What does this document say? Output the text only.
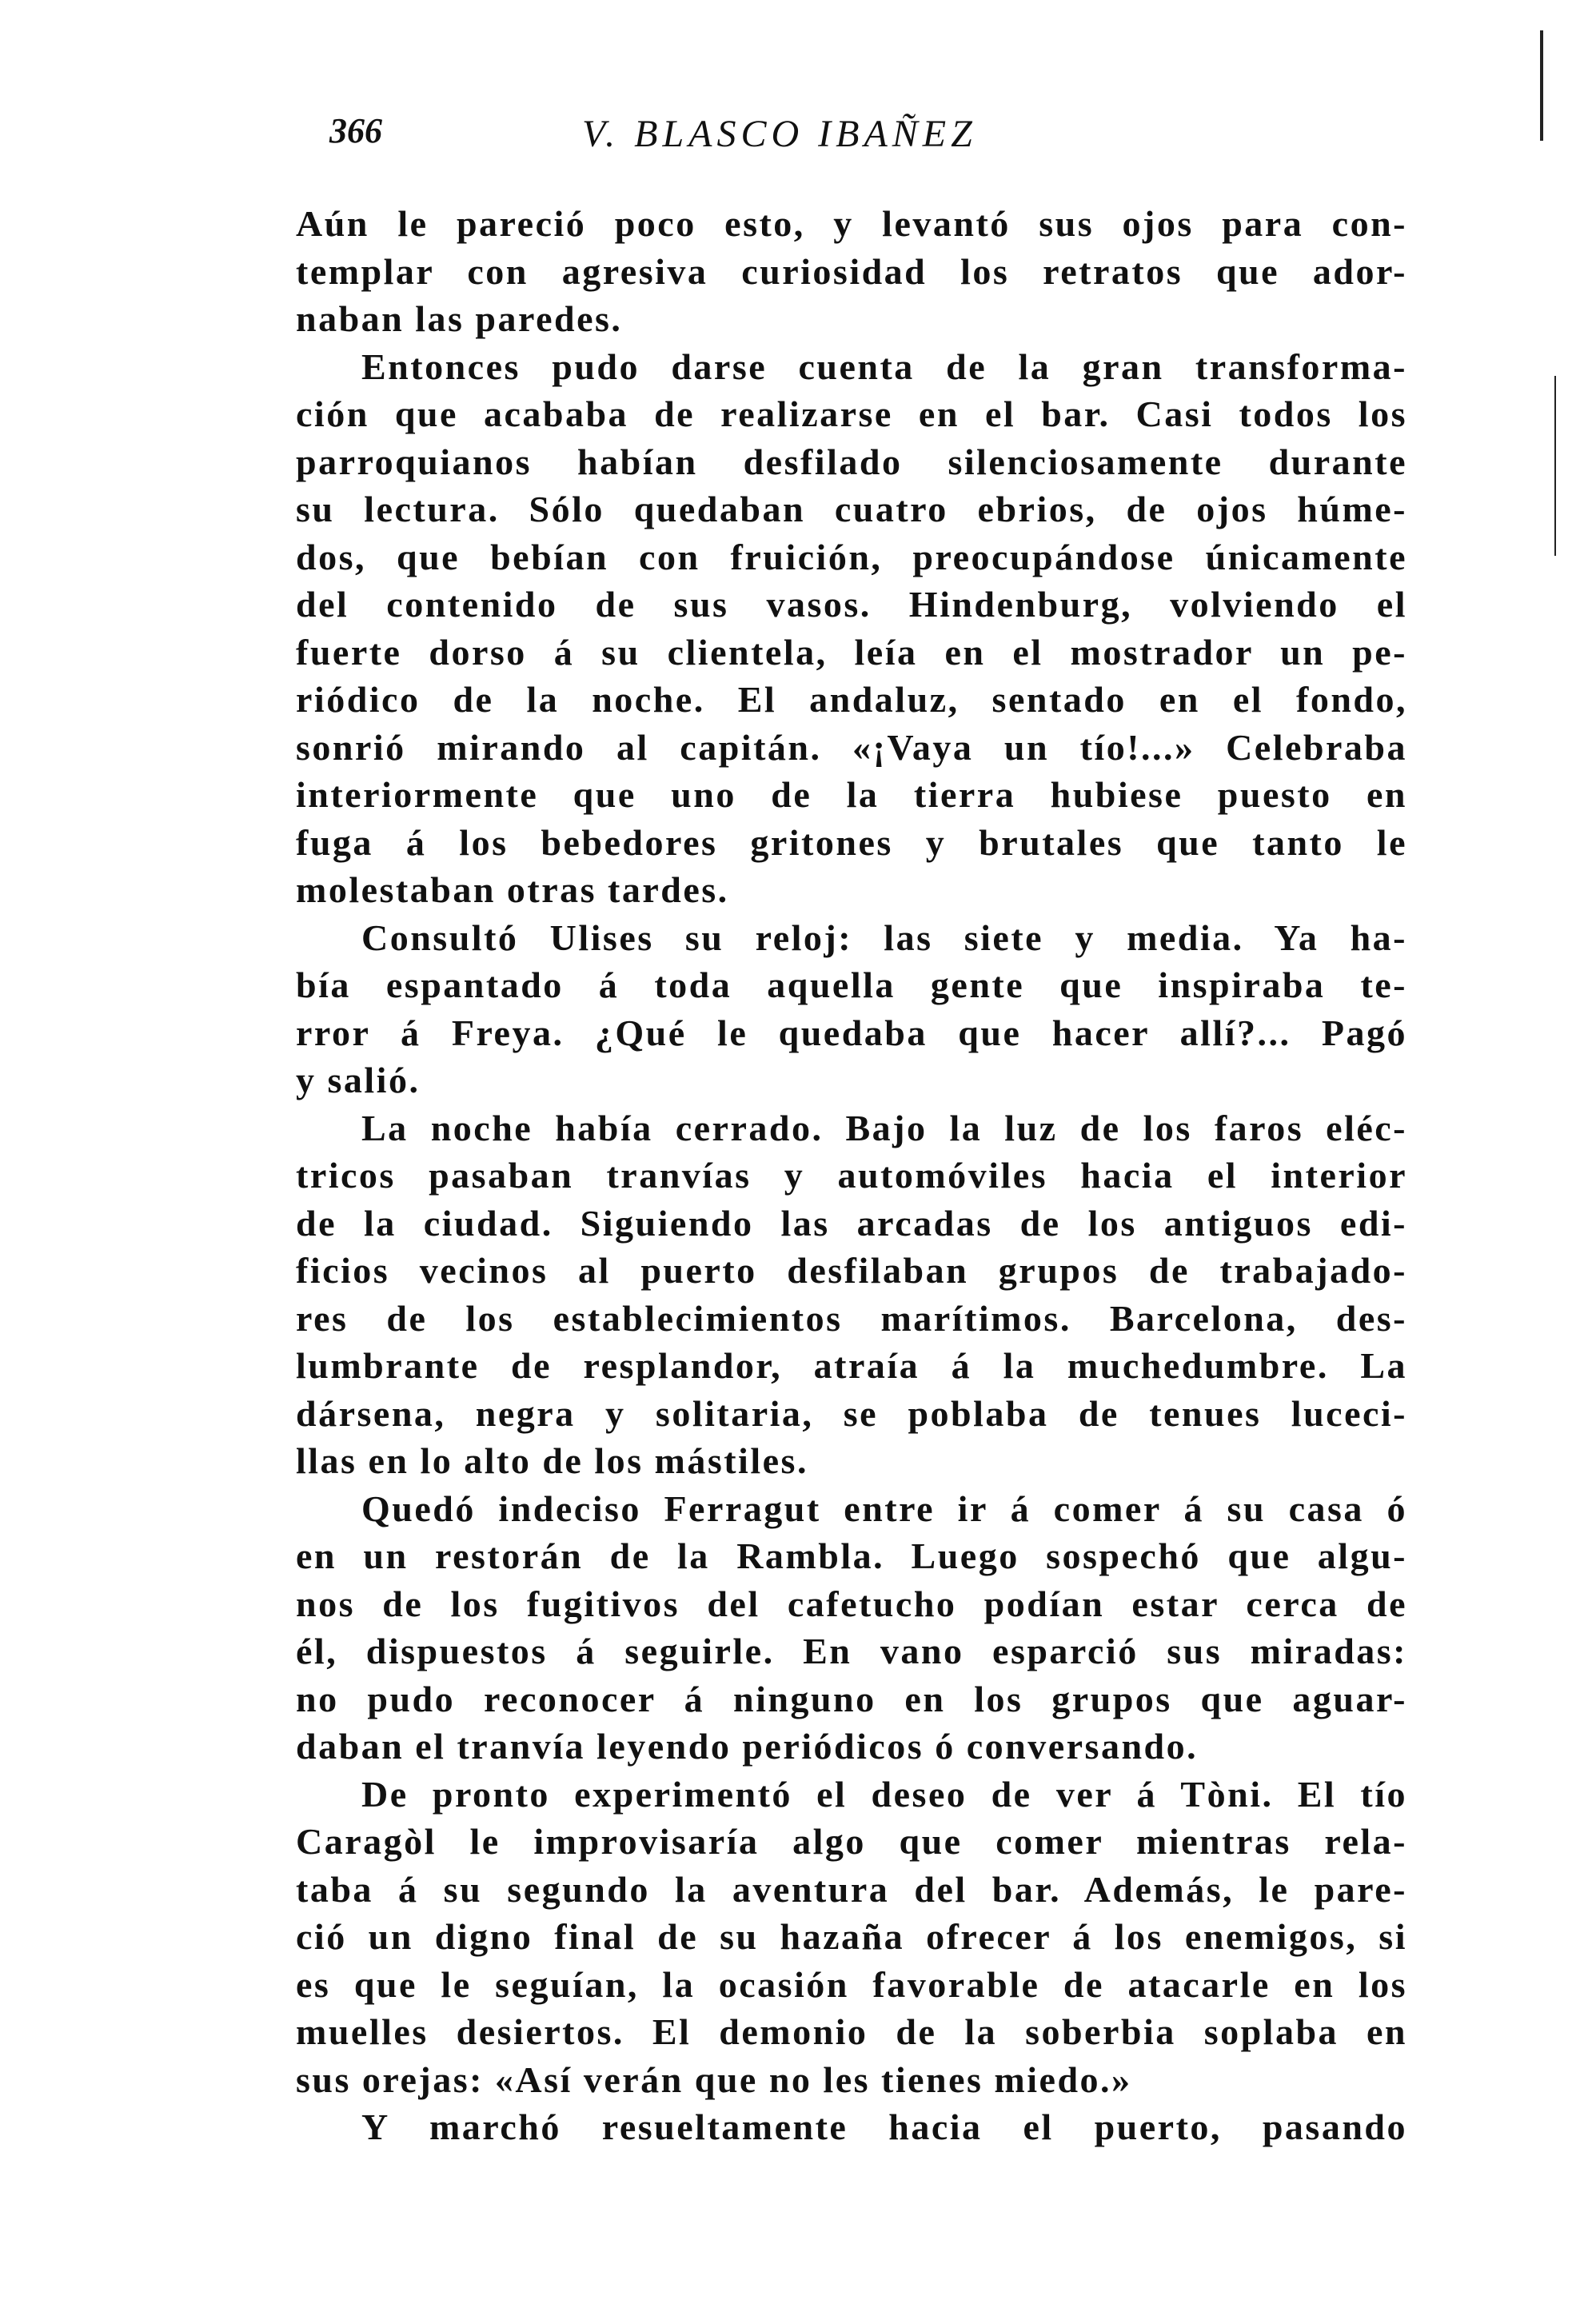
366	V. BLASCO IBAÑEZ
Aún le pareció poco esto, y levantó sus ojos para con-
templar con agresiva curiosidad los retratos que ador-
naban las paredes.
Entonces pudo darse cuenta de la gran transforma-
ción que acababa de realizarse en el bar. Casi todos los
parroquianos habían desfilado silenciosamente durante
su lectura. Sólo quedaban cuatro ebrios, de ojos húme-
dos, que bebían con fruición, preocupándose únicamente
del contenido de sus vasos. Hindenburg, volviendo el
fuerte dorso á su clientela, leía en el mostrador un pe-
riódico de la noche. El andaluz, sentado en el fondo,
sonrió mirando al capitán. «¡Vaya un tío!...» Celebraba
interiormente que uno de la tierra hubiese puesto en
fuga á los bebedores gritones y brutales que tanto le
molestaban otras tardes.
Consultó Ulises su reloj: las siete y media. Ya ha-
bía espantado á toda aquella gente que inspiraba te-
rror á Freya. ¿Qué le quedaba que hacer allí?... Pagó
y salió.
La noche había cerrado. Bajo la luz de los faros eléc-
tricos pasaban tranvías y automóviles hacia el interior
de la ciudad. Siguiendo las arcadas de los antiguos edi-
ficios vecinos al puerto desfilaban grupos de trabajado-
res de los establecimientos marítimos. Barcelona, des-
lumbrante de resplandor, atraía á la muchedumbre. La
dársena, negra y solitaria, se poblaba de tenues luceci-
llas en lo alto de los mástiles.
Quedó indeciso Ferragut entre ir á comer á su casa ó
en un restorán de la Rambla. Luego sospechó que algu-
nos de los fugitivos del cafetucho podían estar cerca de
él, dispuestos á seguirle. En vano esparció sus miradas:
no pudo reconocer á ninguno en los grupos que aguar-
daban el tranvía leyendo periódicos ó conversando.
De pronto experimentó el deseo de ver á Tòni. El tío
Caragòl le improvisaría algo que comer mientras rela-
taba á su segundo la aventura del bar. Además, le pare-
ció un digno final de su hazaña ofrecer á los enemigos, si
es que le seguían, la ocasión favorable de atacarle en los
muelles desiertos. El demonio de la soberbia soplaba en
sus orejas: «Así verán que no les tienes miedo.»
Y marchó resueltamente hacia el puerto, pasando
